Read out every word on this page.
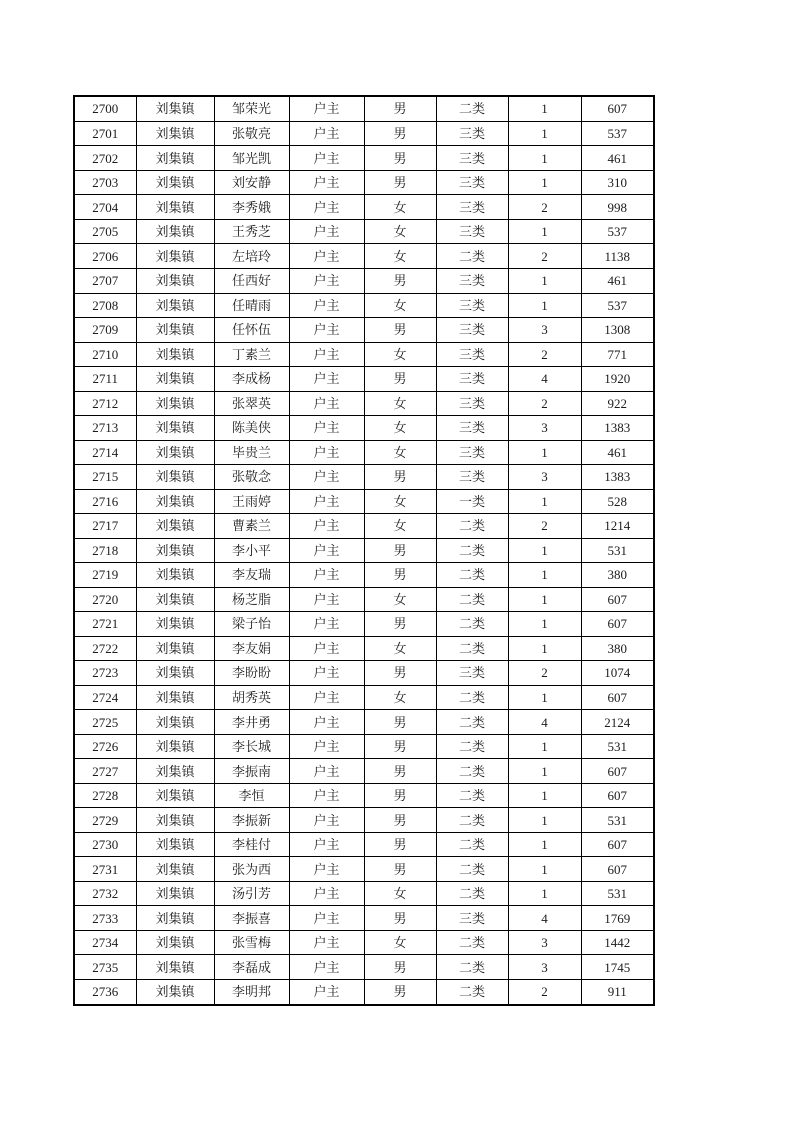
2700	刘集镇	邹荣光	户主	男	二类	1	607
2701	刘集镇	张敬亮	户主	男	三类	1	537
2702	刘集镇	邹光凯	户主	男	三类	1	461
2703	刘集镇	刘安静	户主	男	三类	1	310
2704	刘集镇	李秀娥	户主	女	三类	2	998
2705	刘集镇	王秀芝	户主	女	三类	1	537
2706	刘集镇	左培玲	户主	女	二类	2	1138
2707	刘集镇	任西好	户主	男	三类	1	461
2708	刘集镇	任晴雨	户主	女	三类	1	537
2709	刘集镇	任怀伍	户主	男	三类	3	1308
2710	刘集镇	丁素兰	户主	女	三类	2	771
2711	刘集镇	李成杨	户主	男	三类	4	1920
2712	刘集镇	张翠英	户主	女	三类	2	922
2713	刘集镇	陈美侠	户主	女	三类	3	1383
2714	刘集镇	毕贵兰	户主	女	三类	1	461
2715	刘集镇	张敬念	户主	男	三类	3	1383
2716	刘集镇	王雨婷	户主	女	一类	1	528
2717	刘集镇	曹素兰	户主	女	二类	2	1214
2718	刘集镇	李小平	户主	男	二类	1	531
2719	刘集镇	李友瑞	户主	男	二类	1	380
2720	刘集镇	杨芝脂	户主	女	二类	1	607
2721	刘集镇	梁子怡	户主	男	二类	1	607
2722	刘集镇	李友娟	户主	女	二类	1	380
2723	刘集镇	李盼盼	户主	男	三类	2	1074
2724	刘集镇	胡秀英	户主	女	二类	1	607
2725	刘集镇	李井勇	户主	男	二类	4	2124
2726	刘集镇	李长城	户主	男	二类	1	531
2727	刘集镇	李振南	户主	男	二类	1	607
2728	刘集镇	李恒	户主	男	二类	1	607
2729	刘集镇	李振新	户主	男	二类	1	531
2730	刘集镇	李桂付	户主	男	二类	1	607
2731	刘集镇	张为西	户主	男	二类	1	607
2732	刘集镇	汤引芳	户主	女	二类	1	531
2733	刘集镇	李振喜	户主	男	三类	4	1769
2734	刘集镇	张雪梅	户主	女	二类	3	1442
2735	刘集镇	李磊成	户主	男	二类	3	1745
2736	刘集镇	李明邦	户主	男	二类	2	911
